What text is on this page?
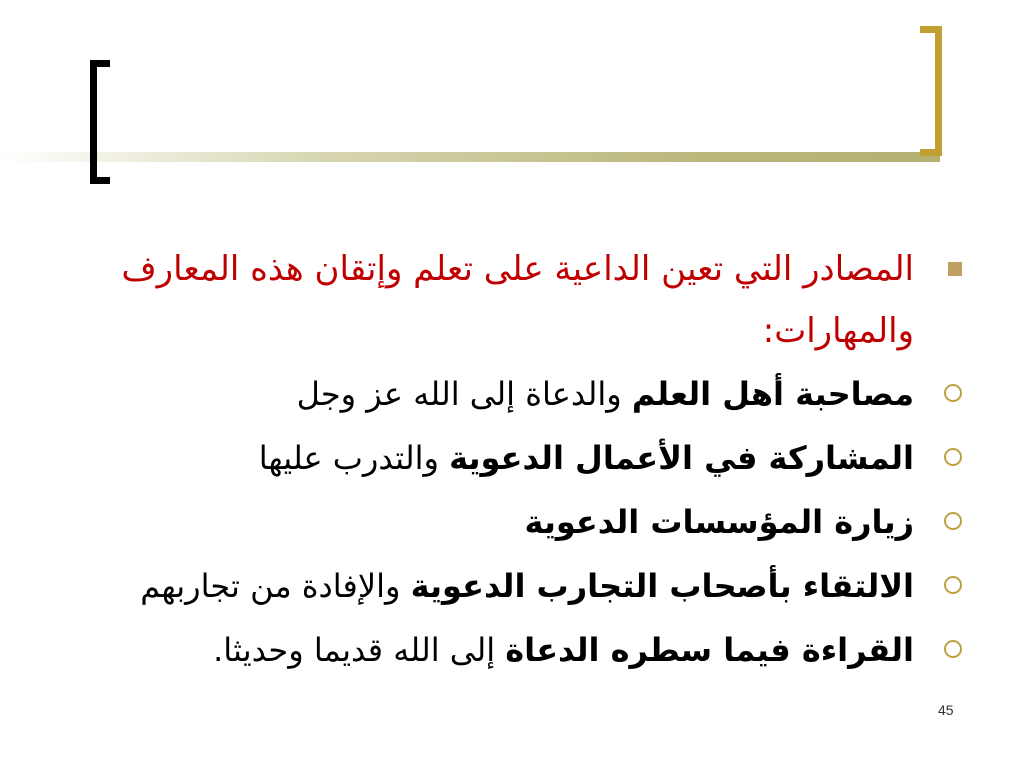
المصادر التي تعين الداعية على تعلم وإتقان هذه المعارف والمهارات:
مصاحبة أهل العلم والدعاة إلى الله عز وجل
المشاركة في الأعمال الدعوية والتدرب عليها
زيارة المؤسسات الدعوية
الالتقاء بأصحاب التجارب الدعوية والإفادة من تجاربهم
القراءة فيما سطره الدعاة إلى الله قديما وحديثا.
45
